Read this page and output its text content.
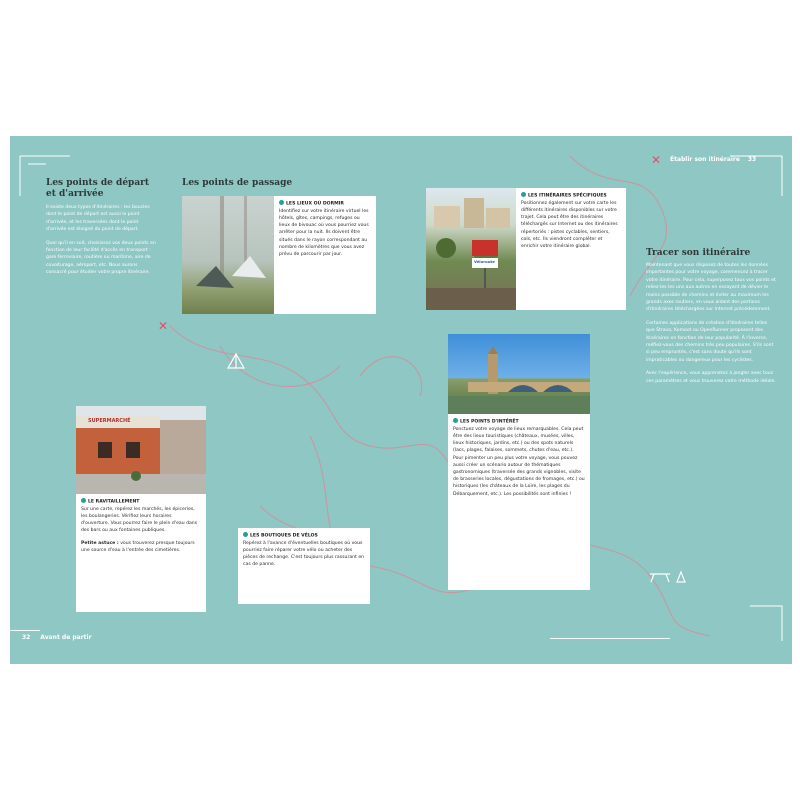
✕
✕
Les points de départ
et d'arrivée

Il existe deux types d'itinéraires : les boucles dont le point de départ est aussi le point d'arrivée, et les traversées dont le point d'arrivée est éloigné du point de départ.

Quoi qu'il en soit, choisissez vos deux points en fonction de leur facilité d'accès en transport : gare ferroviaire, routière ou maritime, aire de covoiturage, aéroport, etc. Nous aurons consacré pour étudier votre propre itinéraire.

Les points de passage
LES LIEUX OÙ DORMIR
Identifiez sur votre itinéraire virtuel les hôtels, gîtes, campings, refuges ou lieux de bivouac où vous pourriez vous arrêter pour la nuit. Ils doivent être situés dans le rayon correspondant au nombre de kilomètres que vous avez prévu de parcourir par jour.
SUPERMARCHÉ
LE RAVITAILLEMENT
Sur une carte, repérez les marchés, les épiceries, les boulangeries. Vérifiez leurs horaires d'ouverture. Vous pourrez faire le plein d'eau dans des bars ou aux fontaines publiques.
Petite astuce : vous trouverez presque toujours une source d'eau à l'entrée des cimetières.
LES BOUTIQUES DE VÉLOS
Repérez à l'avance d'éventuelles boutiques où vous pourriez faire réparer votre vélo ou acheter des pièces de rechange. C'est toujours plus rassurant en cas de panne.
32 Avant de partir
Véloroute
LES ITINÉRAIRES SPÉCIFIQUES
Positionnez également sur votre carte les différents itinéraires disponibles sur votre trajet. Cela peut être des itinéraires téléchargés sur Internet ou des itinéraires répertoriés : pistes cyclables, sentiers, cols, etc. Ils viendront compléter et enrichir votre itinéraire global.
LES POINTS D'INTÉRÊT
Ponctuez votre voyage de lieux remarquables. Cela peut être des lieux touristiques (châteaux, musées, villes, lieux historiques, jardins, etc.) ou des spots naturels (lacs, plages, falaises, sommets, chutes d'eau, etc.). Pour pimenter un peu plus votre voyage, vous pouvez aussi créer un scénario autour de thématiques gastronomiques (traversée des grands vignobles, visite de brasseries locales, dégustations de fromages, etc.) ou historiques (les châteaux de la Loire, les plages du Débarquement, etc.). Les possibilités sont infinies !
Tracer son itinéraire

Maintenant que vous disposez de toutes les données importantes pour votre voyage, commencez à tracer votre itinéraire. Pour cela, superposez tous vos points et reliez-les les uns aux autres en essayant de dévier le moins possible de chemins et éviter au maximum les grands axes routiers, en vous aidant des portions d'itinéraires téléchargées sur Internet précédemment.

Certaines applications de création d'itinéraires telles que Strava, Komoot ou OpenRunner proposent des itinéraires en fonction de leur popularité. À l'inverse, méfiez-vous des chemins très peu populaires. S'ils sont si peu empruntés, c'est sans doute qu'ils sont impraticables ou dangereux pour les cyclistes.

Avec l'expérience, vous apprendrez à jongler avec tous ces paramètres et vous trouverez votre méthode idéale.

Établir son itinéraire 33
